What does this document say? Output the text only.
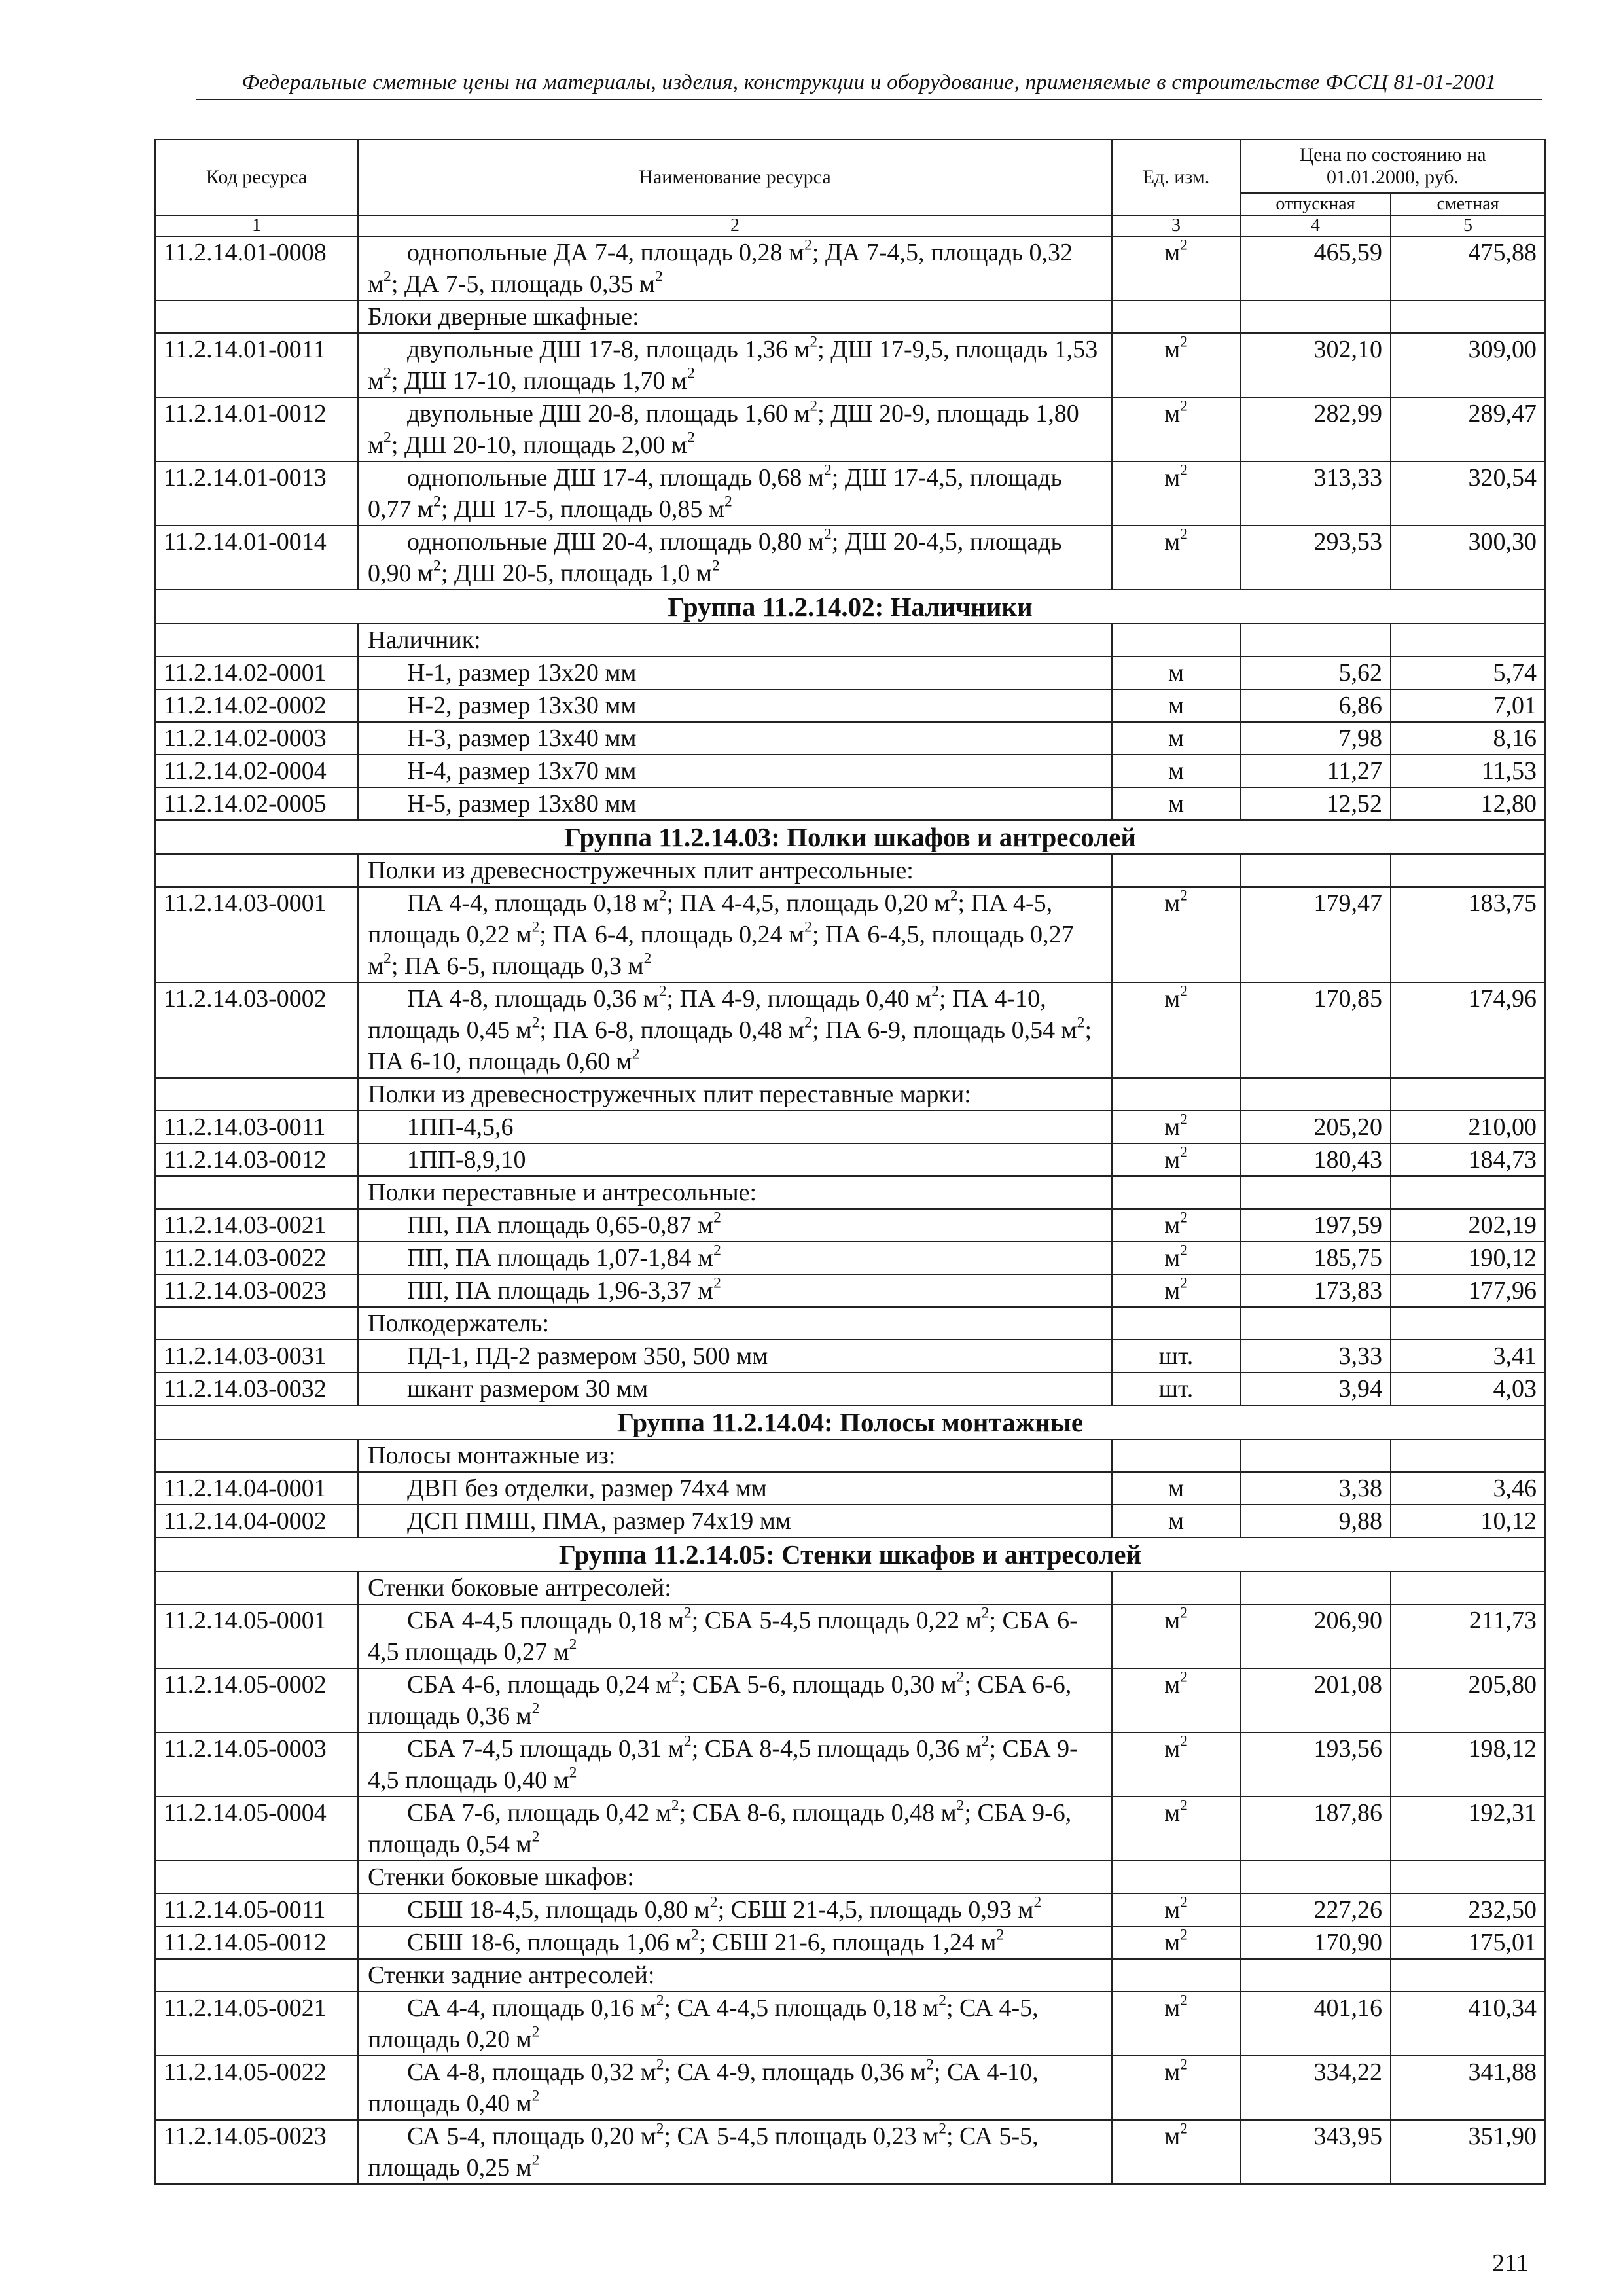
Федеральные сметные цены на материалы, изделия, конструкции и оборудование, применяемые в строительстве ФССЦ 81-01-2001
Код ресурса	Наименование ресурса	Ед. изм.	Цена по состоянию на 01.01.2000, руб.	
			отпускная	сметная
1	2	3	4	5
11.2.14.01-0008	однопольные ДА 7-4, площадь 0,28 $м^2$; ДА 7-4,5, площадь 0,32 $м^2$; ДА 7-5, площадь 0,35 $м^2$	$м^2$	465,59	475,88
	Блоки дверные шкафные:			
11.2.14.01-0011	двупольные ДШ 17-8, площадь 1,36 $м^2$; ДШ 17-9,5, площадь 1,53 $м^2$; ДШ 17-10, площадь 1,70 $м^2$	$м^2$	302,10	309,00
11.2.14.01-0012	двупольные ДШ 20-8, площадь 1,60 $м^2$; ДШ 20-9, площадь 1,80 $м^2$; ДШ 20-10, площадь 2,00 $м^2$	$м^2$	282,99	289,47
11.2.14.01-0013	однопольные ДШ 17-4, площадь 0,68 $м^2$; ДШ 17-4,5, площадь 0,77 $м^2$; ДШ 17-5, площадь 0,85 $м^2$	$м^2$	313,33	320,54
11.2.14.01-0014	однопольные ДШ 20-4, площадь 0,80 $м^2$; ДШ 20-4,5, площадь 0,90 $м^2$; ДШ 20-5, площадь 1,0 $м^2$	$м^2$	293,53	300,30
Группа 11.2.14.02: Наличники				
	Наличник:			
11.2.14.02-0001	Н-1, размер 13х20 мм	м	5,62	5,74
11.2.14.02-0002	Н-2, размер 13х30 мм	м	6,86	7,01
11.2.14.02-0003	Н-3, размер 13х40 мм	м	7,98	8,16
11.2.14.02-0004	Н-4, размер 13х70 мм	м	11,27	11,53
11.2.14.02-0005	Н-5, размер 13х80 мм	м	12,52	12,80
Группа 11.2.14.03: Полки шкафов и антресолей				
	Полки из древесностружечных плит антресольные:			
11.2.14.03-0001	ПА 4-4, площадь 0,18 $м^2$; ПА 4-4,5, площадь 0,20 $м^2$; ПА 4-5, площадь 0,22 $м^2$; ПА 6-4, площадь 0,24 $м^2$; ПА 6-4,5, площадь 0,27 $м^2$; ПА 6-5, площадь 0,3 $м^2$	$м^2$	179,47	183,75
11.2.14.03-0002	ПА 4-8, площадь 0,36 $м^2$; ПА 4-9, площадь 0,40 $м^2$; ПА 4-10, площадь 0,45 $м^2$; ПА 6-8, площадь 0,48 $м^2$; ПА 6-9, площадь 0,54 $м^2$; ПА 6-10, площадь 0,60 $м^2$	$м^2$	170,85	174,96
	Полки из древесностружечных плит переставные марки:			
11.2.14.03-0011	1ПП-4,5,6	$м^2$	205,20	210,00
11.2.14.03-0012	1ПП-8,9,10	$м^2$	180,43	184,73
	Полки переставные и антресольные:			
11.2.14.03-0021	ПП, ПА площадь 0,65-0,87 $м^2$	$м^2$	197,59	202,19
11.2.14.03-0022	ПП, ПА площадь 1,07-1,84 $м^2$	$м^2$	185,75	190,12
11.2.14.03-0023	ПП, ПА площадь 1,96-3,37 $м^2$	$м^2$	173,83	177,96
	Полкодержатель:			
11.2.14.03-0031	ПД-1, ПД-2 размером 350, 500 мм	шт.	3,33	3,41
11.2.14.03-0032	шкант размером 30 мм	шт.	3,94	4,03
Группа 11.2.14.04: Полосы монтажные				
	Полосы монтажные из:			
11.2.14.04-0001	ДВП без отделки, размер 74х4 мм	м	3,38	3,46
11.2.14.04-0002	ДСП ПМШ, ПМА, размер 74х19 мм	м	9,88	10,12
Группа 11.2.14.05: Стенки шкафов и антресолей				
	Стенки боковые антресолей:			
11.2.14.05-0001	СБА 4-4,5 площадь 0,18 $м^2$; СБА 5-4,5 площадь 0,22 $м^2$; СБА 6-4,5 площадь 0,27 $м^2$	$м^2$	206,90	211,73
11.2.14.05-0002	СБА 4-6, площадь 0,24 $м^2$; СБА 5-6, площадь 0,30 $м^2$; СБА 6-6, площадь 0,36 $м^2$	$м^2$	201,08	205,80
11.2.14.05-0003	СБА 7-4,5 площадь 0,31 $м^2$; СБА 8-4,5 площадь 0,36 $м^2$; СБА 9-4,5 площадь 0,40 $м^2$	$м^2$	193,56	198,12
11.2.14.05-0004	СБА 7-6, площадь 0,42 $м^2$; СБА 8-6, площадь 0,48 $м^2$; СБА 9-6, площадь 0,54 $м^2$	$м^2$	187,86	192,31
	Стенки боковые шкафов:			
11.2.14.05-0011	СБШ 18-4,5, площадь 0,80 $м^2$; СБШ 21-4,5, площадь 0,93 $м^2$	$м^2$	227,26	232,50
11.2.14.05-0012	СБШ 18-6, площадь 1,06 $м^2$; СБШ 21-6, площадь 1,24 $м^2$	$м^2$	170,90	175,01
	Стенки задние антресолей:			
11.2.14.05-0021	СА 4-4, площадь 0,16 $м^2$; СА 4-4,5 площадь 0,18 $м^2$; СА 4-5, площадь 0,20 $м^2$	$м^2$	401,16	410,34
11.2.14.05-0022	СА 4-8, площадь 0,32 $м^2$; СА 4-9, площадь 0,36 $м^2$; СА 4-10, площадь 0,40 $м^2$	$м^2$	334,22	341,88
11.2.14.05-0023	СА 5-4, площадь 0,20 $м^2$; СА 5-4,5 площадь 0,23 $м^2$; СА 5-5, площадь 0,25 $м^2$	$м^2$	343,95	351,90
211
